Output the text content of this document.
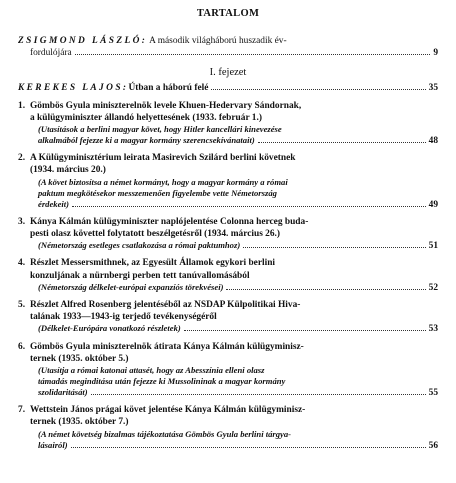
TARTALOM
ZSIGMOND LÁSZLÓ: A második világháború huszadik év-
fordulójára	9
I. fejezet
KEREKES LAJOS: Útban a háború felé	35
1. Gömbös Gyula miniszterelnök levele Khuen-Hedervary Sándornak,
a külügyminiszter állandó helyettesének (1933. február 1.)
(Utasítások a berlini magyar követ, hogy Hitler kancellári kinevezése
alkalmából fejezze ki a magyar kormány szerencsekívánatait)	48
2. A Külügyminisztérium leirata Masirevich Szilárd berlini követnek
(1934. március 20.)
(A követ biztosítsa a német kormányt, hogy a magyar kormány a római
paktum megkötésekor messzemenően figyelembe vette Németország
érdekeit)	49
3. Kánya Kálmán külügyminiszter naplójelentése Colonna herceg buda-
pesti olasz követtel folytatott beszélgetésről (1934. március 26.)
(Németország esetleges csatlakozása a római paktumhoz)	51
4. Részlet Messersmithnek, az Egyesült Államok egykori berlini
konzuljának a nürnbergi perben tett tanúvallomásából
(Németország délkelet-európai expanzíós törekvései)	52
5. Részlet Alfred Rosenberg jelentéséből az NSDAP Külpolitikai Hiva-
talának 1933—1943-ig terjedő tevékenységéről
(Délkelet-Európára vonatkozó részletek)	53
6. Gömbös Gyula miniszterelnök átirata Kánya Kálmán külügyminisz-
ternek (1935. október 5.)
(Utasítja a római katonai attasét, hogy az Abesszínia elleni olasz
támadás meginditása után fejezze ki Mussolininak a magyar kormány
szolidaritását)	55
7. Wettstein János prágai követ jelentése Kánya Kálmán külügyminisz-
ternek (1935. október 7.)
(A német követség bizalmas tájékoztatása Gömbös Gyula berlini tárgya-
lásairól)	56
